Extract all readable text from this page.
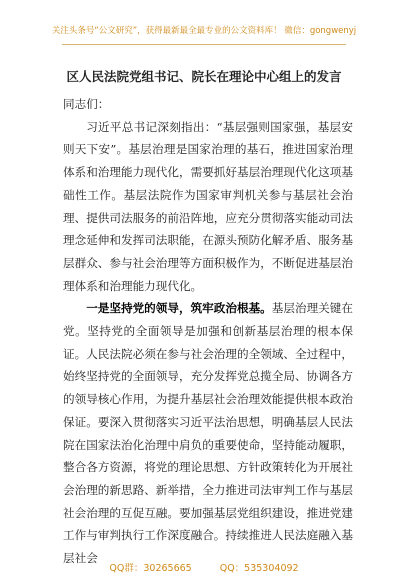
关注头条号“公文研究”，获得最新最全最专业的公文资料库！ 微信：gongwenyj
区人民法院党组书记、院长在理论中心组上的发言

同志们：

习近平总书记深刻指出：“基层强则国家强，基层安则天下安”。基层治理是国家治理的基石，推进国家治理体系和治理能力现代化，需要抓好基层治理现代化这项基础性工作。基层法院作为国家审判机关参与基层社会治理、提供司法服务的前沿阵地，应充分贯彻落实能动司法理念延伸和发挥司法职能，在源头预防化解矛盾、服务基层群众、参与社会治理等方面积极作为，不断促进基层治理体系和治理能力现代化。

一是坚持党的领导，筑牢政治根基。基层治理关键在党。坚持党的全面领导是加强和创新基层治理的根本保证。人民法院必须在参与社会治理的全领域、全过程中，始终坚持党的全面领导，充分发挥党总揽全局、协调各方的领导核心作用，为提升基层社会治理效能提供根本政治保证。要深入贯彻落实习近平法治思想，明确基层人民法院在国家法治化治理中肩负的重要使命，坚持能动履职，整合各方资源，将党的理论思想、方针政策转化为开展社会治理的新思路、新举措，全力推进司法审判工作与基层社会治理的互促互融。要加强基层党组织建设，推进党建工作与审判执行工作深度融合。持续推进人民法庭融入基层社会

QQ群：30265665	QQ：535304092
